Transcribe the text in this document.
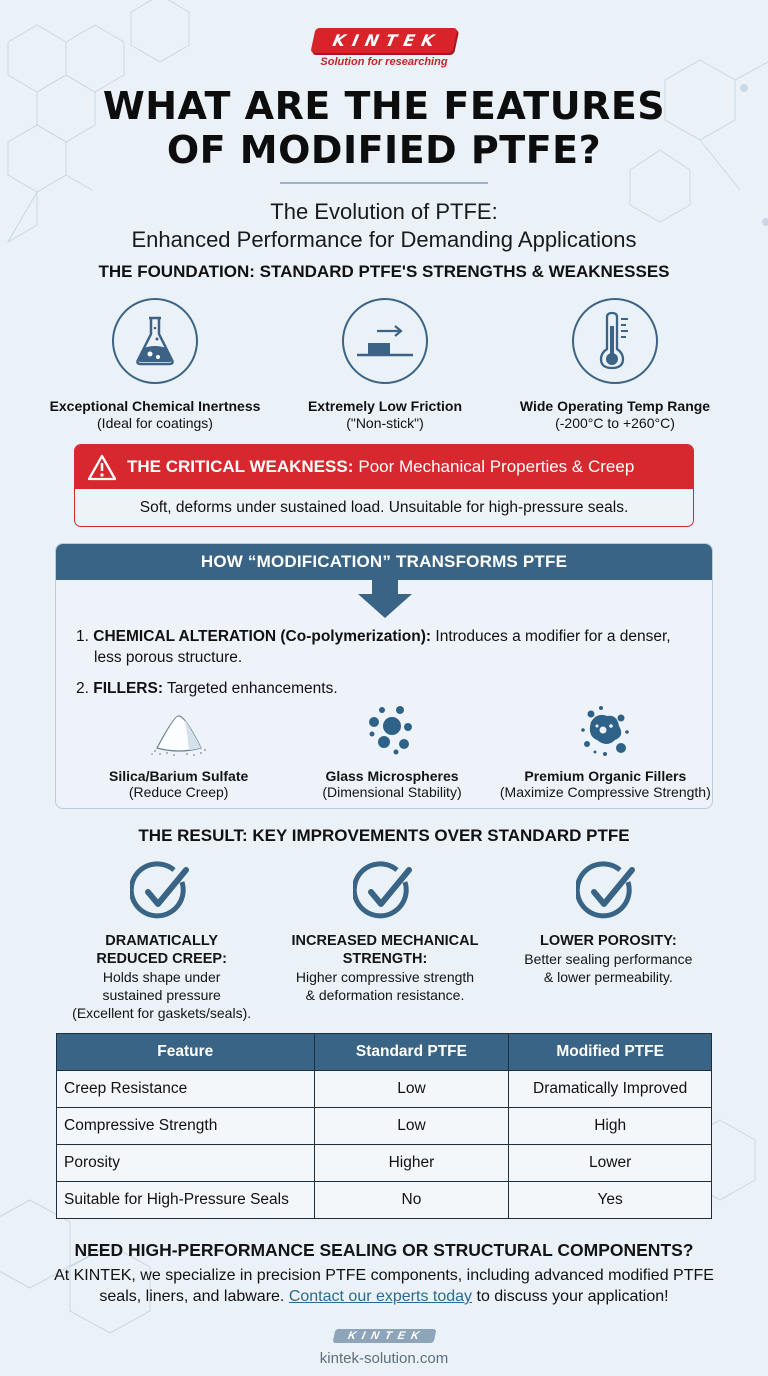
KINTEK
Solution for researching
WHAT ARE THE FEATURES
OF MODIFIED PTFE?
The Evolution of PTFE:
Enhanced Performance for Demanding Applications
THE FOUNDATION: STANDARD PTFE'S STRENGTHS & WEAKNESSES
Exceptional Chemical Inertness
(Ideal for coatings)
Extremely Low Friction
("Non-stick")
Wide Operating Temp Range
(-200°C to +260°C)
THE CRITICAL WEAKNESS: Poor Mechanical Properties & Creep
Soft, deforms under sustained load. Unsuitable for high-pressure seals.
HOW “MODIFICATION” TRANSFORMS PTFE
1. CHEMICAL ALTERATION (Co-polymerization): Introduces a modifier for a denser, less porous structure.
2. FILLERS: Targeted enhancements.
Silica/Barium Sulfate
(Reduce Creep)
Glass Microspheres
(Dimensional Stability)
Premium Organic Fillers
(Maximize Compressive Strength)
THE RESULT: KEY IMPROVEMENTS OVER STANDARD PTFE
DRAMATICALLY
REDUCED CREEP:
Holds shape under
sustained pressure
(Excellent for gaskets/seals).
INCREASED MECHANICAL
STRENGTH:
Higher compressive strength
& deformation resistance.
LOWER POROSITY:
Better sealing performance
& lower permeability.
Feature	Standard PTFE	Modified PTFE
Creep Resistance	Low	Dramatically Improved
Compressive Strength	Low	High
Porosity	Higher	Lower
Suitable for High-Pressure Seals	No	Yes
NEED HIGH-PERFORMANCE SEALING OR STRUCTURAL COMPONENTS?
At KINTEK, we specialize in precision PTFE components, including advanced modified PTFE seals, liners, and labware. Contact our experts today to discuss your application!
KINTEK
kintek-solution.com
